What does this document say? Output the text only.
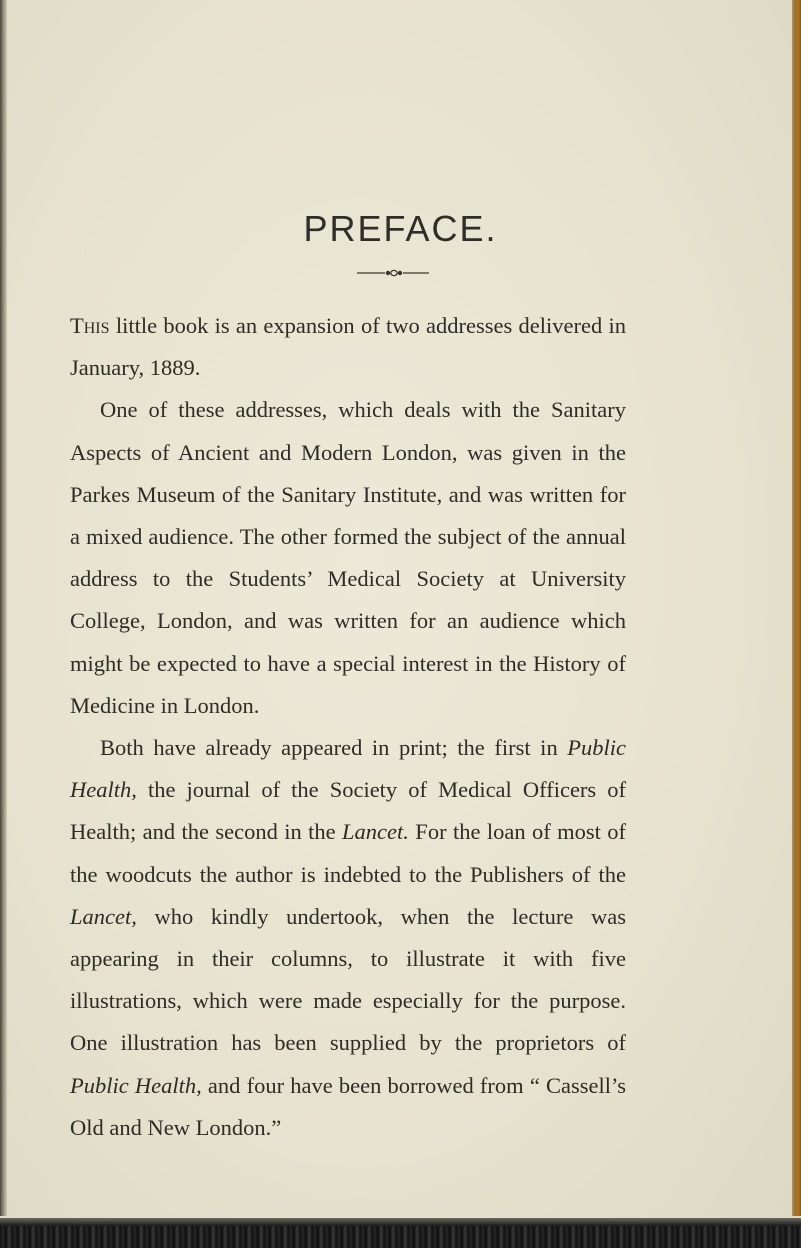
PREFACE.

This little book is an expansion of two addresses delivered in January, 1889.

One of these addresses, which deals with the Sanitary Aspects of Ancient and Modern London, was given in the Parkes Museum of the Sanitary Institute, and was written for a mixed audience. The other formed the subject of the annual address to the Students’ Medical Society at University College, London, and was written for an audience which might be expected to have a special interest in the History of Medicine in London.

Both have already appeared in print; the first in Public Health, the journal of the Society of Medical Officers of Health; and the second in the Lancet. For the loan of most of the woodcuts the author is indebted to the Publishers of the Lancet, who kindly undertook, when the lecture was appearing in their columns, to illustrate it with five illustrations, which were made especially for the purpose. One illustration has been supplied by the proprietors of Public Health, and four have been borrowed from “ Cassell’s Old and New London.”
